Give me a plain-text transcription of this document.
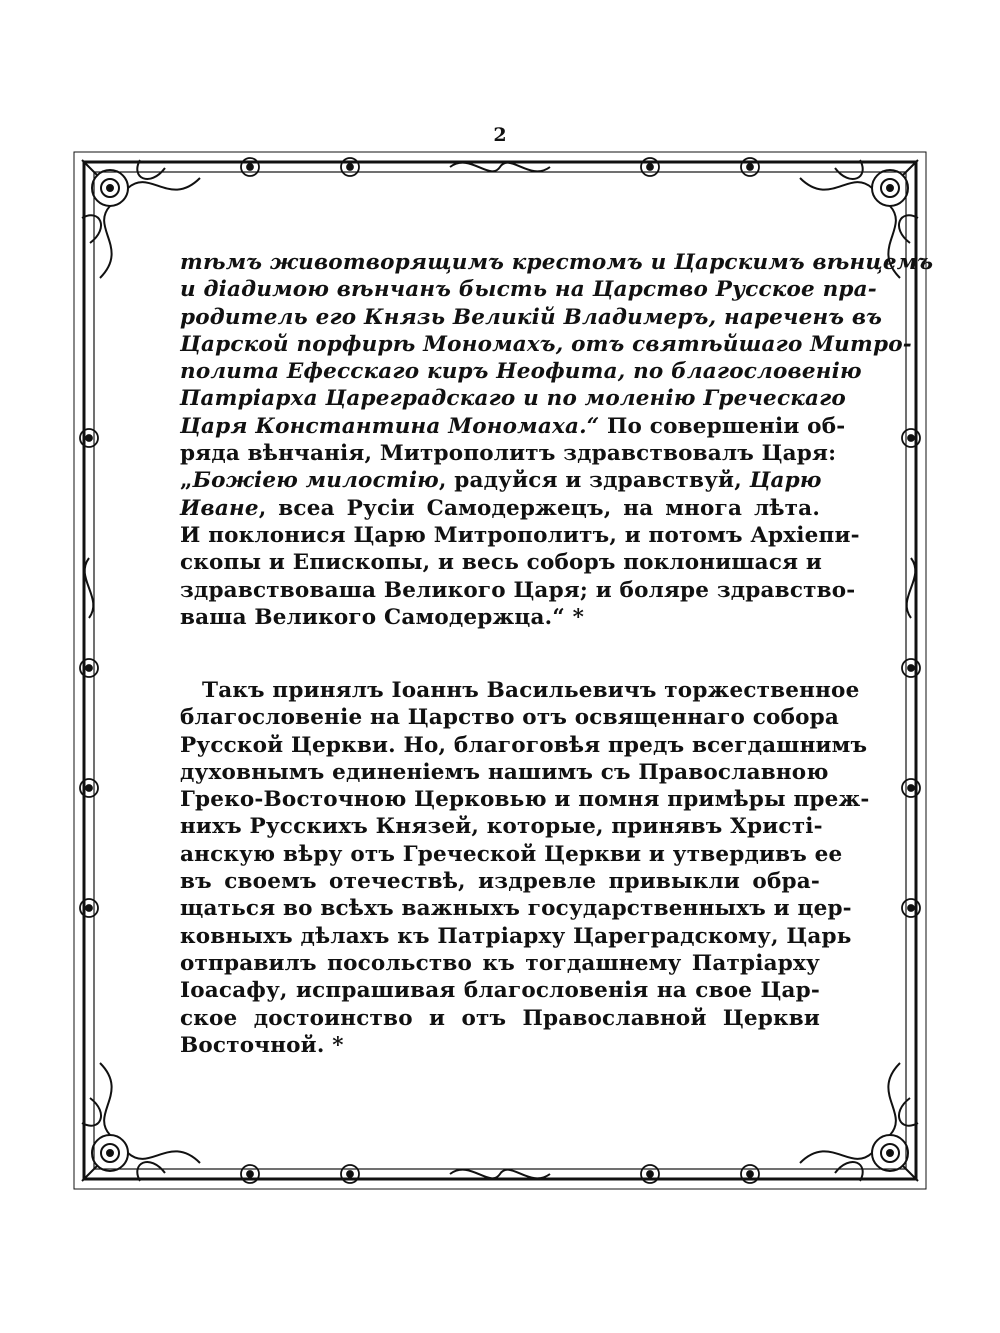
2
тѣмъ животворящимъ крестомъ и Царскимъ вѣнцемъ
и діадимою вѣнчанъ бысть на Царство Русское пра-
родитель его Князь Великій Владимеръ, нареченъ въ
Царской порфирѣ Мономахъ, отъ святѣйшаго Митро-
полита Ефесскаго киръ Неофита, по благословенію
Патріарха Цареградскаго и по моленію Греческаго
Царя Константина Мономаха.“ По совершеніи об-
ряда вѣнчанія, Митрополитъ здравствовалъ Царя:
„Божіею милостію, радуйся и здравствуй, Царю
Иване, всеа Русіи Самодержецъ, на многа лѣта.
И поклонися Царю Митрополитъ, и потомъ Архіепи-
скопы и Епископы, и весь соборъ поклонишася и
здравствоваша Великого Царя; и боляре здравство-
ваша Великого Самодержца.“ *
Такъ принялъ Іоаннъ Васильевичъ торжественное
благословеніе на Царство отъ освященнаго собора
Русской Церкви. Но, благоговѣя предъ всегдашнимъ
духовнымъ единеніемъ нашимъ съ Православною
Греко-Восточною Церковью и помня примѣры преж-
нихъ Русскихъ Князей, которые, принявъ Христі-
анскую вѣру отъ Греческой Церкви и утвердивъ ее
въ своемъ отечествѣ, издревле привыкли обра-
щаться во всѣхъ важныхъ государственныхъ и цер-
ковныхъ дѣлахъ къ Патріарху Цареградскому, Царь
отправилъ посольство къ тогдашнему Патріарху
Іоасафу, испрашивая благословенія на свое Цар-
ское достоинство и отъ Православной Церкви
Восточной. *
